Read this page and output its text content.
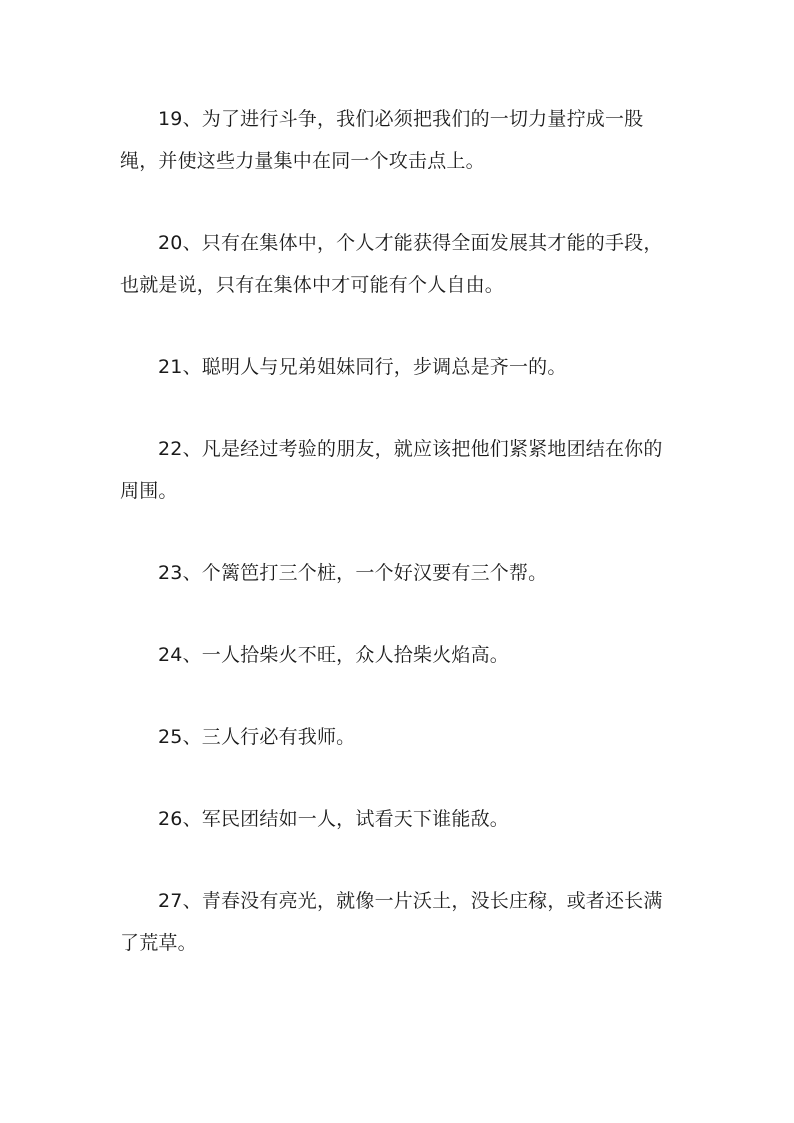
19、为了进行斗争，我们必须把我们的一切力量拧成一股绳，并使这些力量集中在同一个攻击点上。

20、只有在集体中，个人才能获得全面发展其才能的手段，也就是说，只有在集体中才可能有个人自由。

21、聪明人与兄弟姐妹同行，步调总是齐一的。

22、凡是经过考验的朋友，就应该把他们紧紧地团结在你的周围。

23、个篱笆打三个桩，一个好汉要有三个帮。

24、一人拾柴火不旺，众人拾柴火焰高。

25、三人行必有我师。

26、军民团结如一人，试看天下谁能敌。

27、青春没有亮光，就像一片沃土，没长庄稼，或者还长满了荒草。
